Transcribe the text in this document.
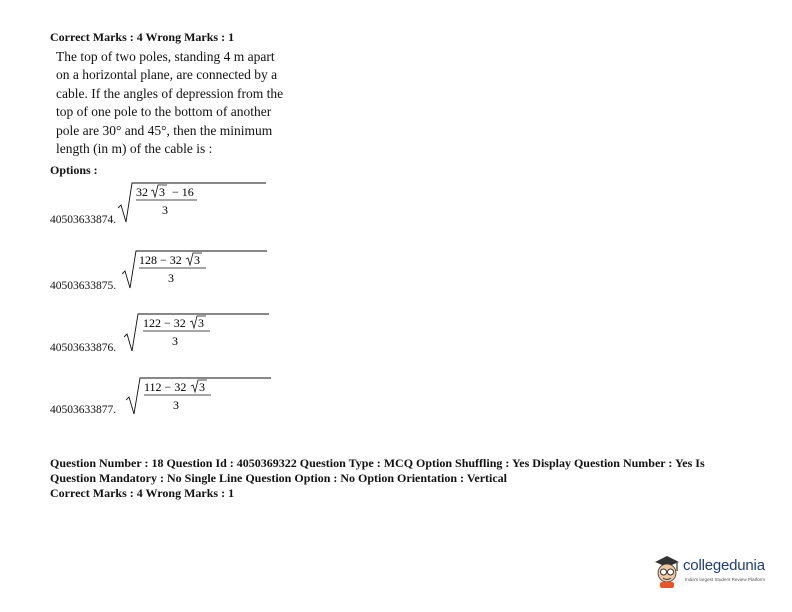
Correct Marks : 4 Wrong Marks : 1
The top of two poles, standing 4 m apart
on a horizontal plane, are connected by a
cable. If the angles of depression from the
top of one pole to the bottom of another
pole are 30° and 45°, then the minimum
length (in m) of the cable is :
Options :
40503633874.
32 3 − 16
3
40503633875.
128 − 32 3
3
40503633876.
122 − 32 3
3
40503633877.
112 − 32 3
3
Question Number : 18 Question Id : 4050369322 Question Type : MCQ Option Shuffling : Yes Display Question Number : Yes Is
Question Mandatory : No Single Line Question Option : No Option Orientation : Vertical
Correct Marks : 4 Wrong Marks : 1
collegedunia
India's largest Student Review Platform
